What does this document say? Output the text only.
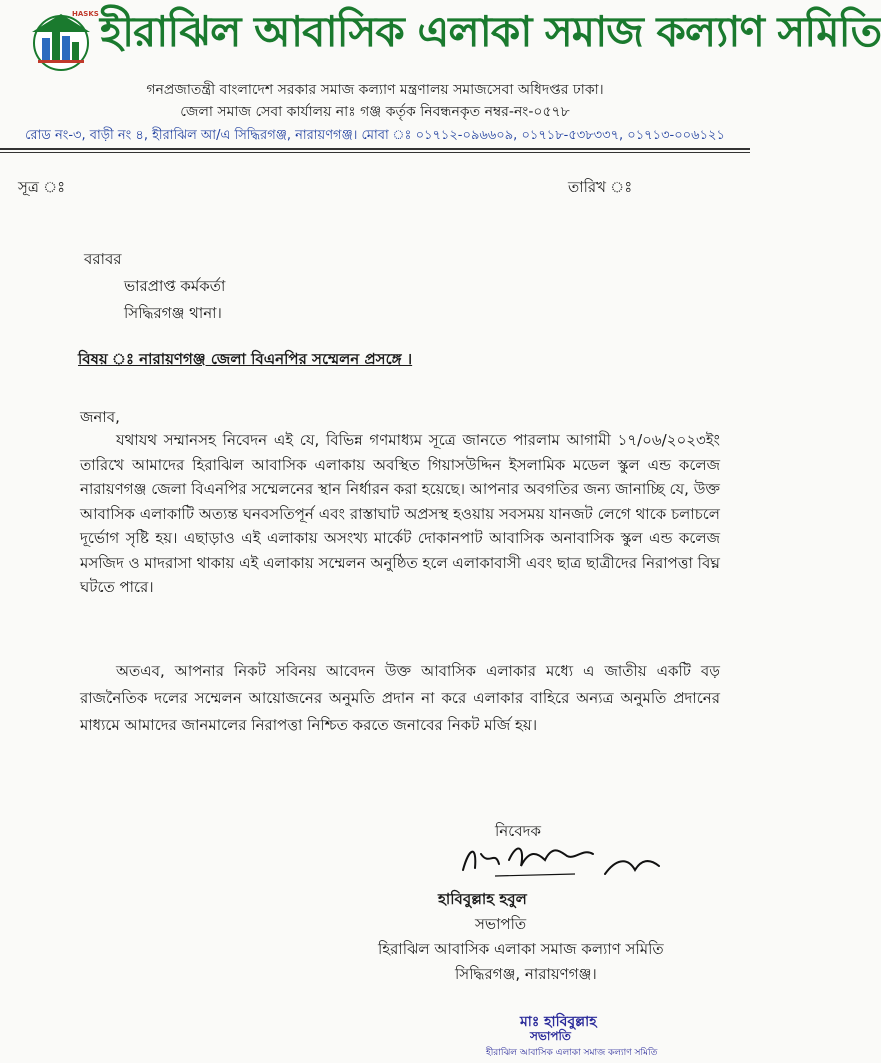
HASKS হীরাঝিল আবাসিক এলাকা সমাজ কল্যাণ সমিতি
গনপ্রজাতন্ত্রী বাংলাদেশ সরকার সমাজ কল্যাণ মন্ত্রণালয় সমাজসেবা অধিদপ্তর ঢাকা।
জেলা সমাজ সেবা কার্যালয় নাঃ গঞ্জ কর্তৃক নিবন্ধনকৃত নম্বর-নং-০৫৭৮
রোড নং-৩, বাড়ী নং ৪, হীরাঝিল আ/এ সিদ্ধিরগঞ্জ, নারায়ণগঞ্জ। মোবা ঃ ০১৭১২-০৯৬৬০৯, ০১৭১৮-৫৩৮৩৩৭, ০১৭১৩-০০৬১২১
সূত্র ঃ	তারিখ ঃ
বরাবর
ভারপ্রাপ্ত কর্মকর্তা
সিদ্ধিরগঞ্জ থানা।
বিষয় ঃ নারায়ণগঞ্জ জেলা বিএনপির সম্মেলন প্রসঙ্গে ।
জনাব,

যথাযথ সম্মানসহ নিবেদন এই যে, বিভিন্ন গণমাধ্যম সূত্রে জানতে পারলাম আগামী ১৭/০৬/২০২৩ইং তারিখে আমাদের হিরাঝিল আবাসিক এলাকায় অবস্থিত গিয়াসউদ্দিন ইসলামিক মডেল স্কুল এন্ড কলেজ নারায়ণগঞ্জ জেলা বিএনপির সম্মেলনের স্থান নির্ধারন করা হয়েছে। আপনার অবগতির জন্য জানাচ্ছি যে, উক্ত আবাসিক এলাকাটি অত্যন্ত ঘনবসতিপূর্ন এবং রাস্তাঘাট অপ্রসস্থ হওয়ায় সবসময় যানজট লেগে থাকে চলাচলে দূর্ভোগ সৃষ্টি হয়। এছাড়াও এই এলাকায় অসংখ্য মার্কেট দোকানপাট আবাসিক অনাবাসিক স্কুল এন্ড কলেজ মসজিদ ও মাদরাসা থাকায় এই এলাকায় সম্মেলন অনুষ্ঠিত হলে এলাকাবাসী এবং ছাত্র ছাত্রীদের নিরাপত্তা বিঘ্ন ঘটতে পারে।

অতএব, আপনার নিকট সবিনয় আবেদন উক্ত আবাসিক এলাকার মধ্যে এ জাতীয় একটি বড় রাজনৈতিক দলের সম্মেলন আয়োজনের অনুমতি প্রদান না করে এলাকার বাহিরে অন্যত্র অনুমতি প্রদানের মাধ্যমে আমাদের জানমালের নিরাপত্তা নিশ্চিত করতে জনাবের নিকট মর্জি হয়।

নিবেদক
হাবিবুল্লাহ হবুল
সভাপতি
হিরাঝিল আবাসিক এলাকা সমাজ কল্যাণ সমিতি
সিদ্ধিরগঞ্জ, নারায়ণগঞ্জ।
মাঃ হাবিবুল্লাহ
সভাপতি
হীরাঝিল আবাসিক এলাকা সমাজ কল্যাণ সমিতি
